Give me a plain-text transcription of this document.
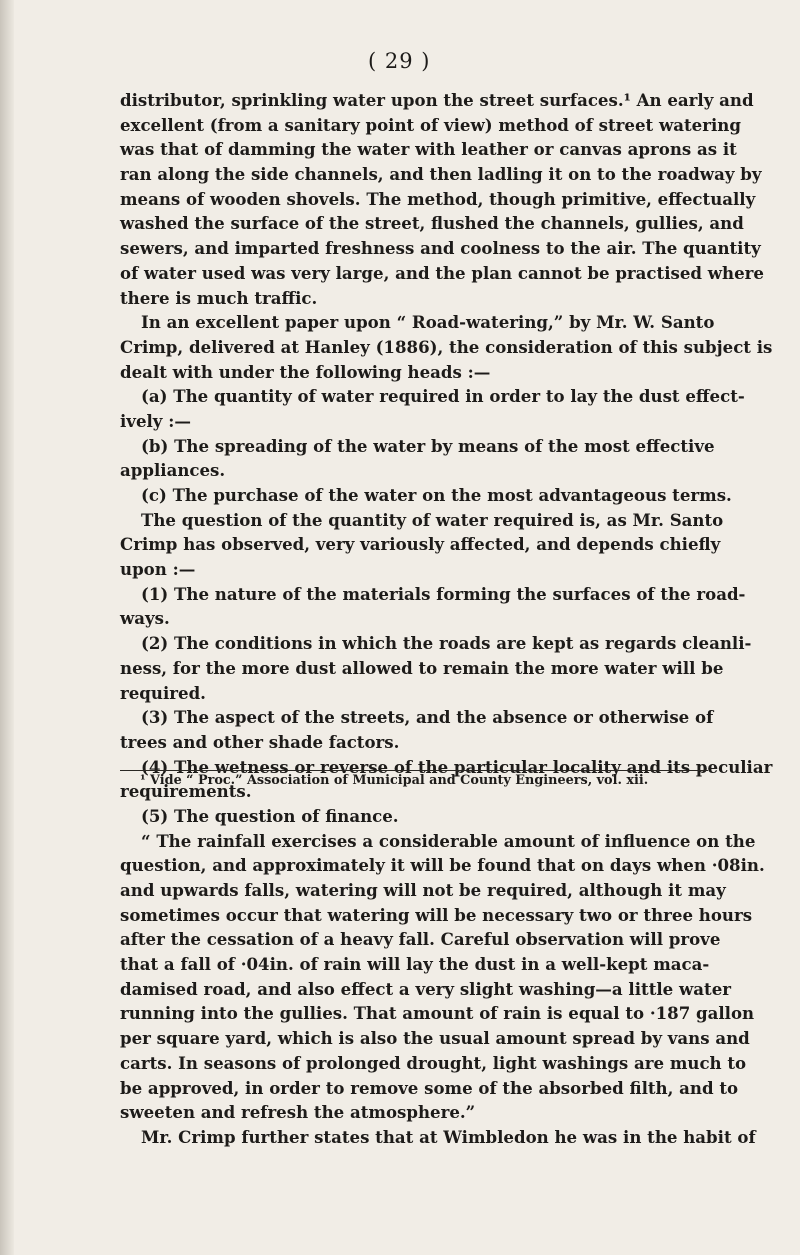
( 29 )
distributor, sprinkling water upon the street surfaces.¹ An early and
excellent (from a sanitary point of view) method of street watering
was that of damming the water with leather or canvas aprons as it
ran along the side channels, and then ladling it on to the roadway by
means of wooden shovels. The method, though primitive, effectually
washed the surface of the street, flushed the channels, gullies, and
sewers, and imparted freshness and coolness to the air. The quantity
of water used was very large, and the plan cannot be practised where
there is much traffic.
In an excellent paper upon “ Road-watering,” by Mr. W. Santo
Crimp, delivered at Hanley (1886), the consideration of this subject is
dealt with under the following heads :—
(a) The quantity of water required in order to lay the dust effect-
ively :—
(b) The spreading of the water by means of the most effective
appliances.
(c) The purchase of the water on the most advantageous terms.
The question of the quantity of water required is, as Mr. Santo
Crimp has observed, very variously affected, and depends chiefly
upon :—
(1) The nature of the materials forming the surfaces of the road-
ways.
(2) The conditions in which the roads are kept as regards cleanli-
ness, for the more dust allowed to remain the more water will be
required.
(3) The aspect of the streets, and the absence or otherwise of
trees and other shade factors.
(4) The wetness or reverse of the particular locality and its peculiar
requirements.
(5) The question of finance.
“ The rainfall exercises a considerable amount of influence on the
question, and approximately it will be found that on days when ·08in.
and upwards falls, watering will not be required, although it may
sometimes occur that watering will be necessary two or three hours
after the cessation of a heavy fall. Careful observation will prove
that a fall of ·04in. of rain will lay the dust in a well-kept maca-
damised road, and also effect a very slight washing—a little water
running into the gullies. That amount of rain is equal to ·187 gallon
per square yard, which is also the usual amount spread by vans and
carts. In seasons of prolonged drought, light washings are much to
be approved, in order to remove some of the absorbed filth, and to
sweeten and refresh the atmosphere.”
Mr. Crimp further states that at Wimbledon he was in the habit of
¹ Vide “ Proc.” Association of Municipal and County Engineers, vol. xii.
